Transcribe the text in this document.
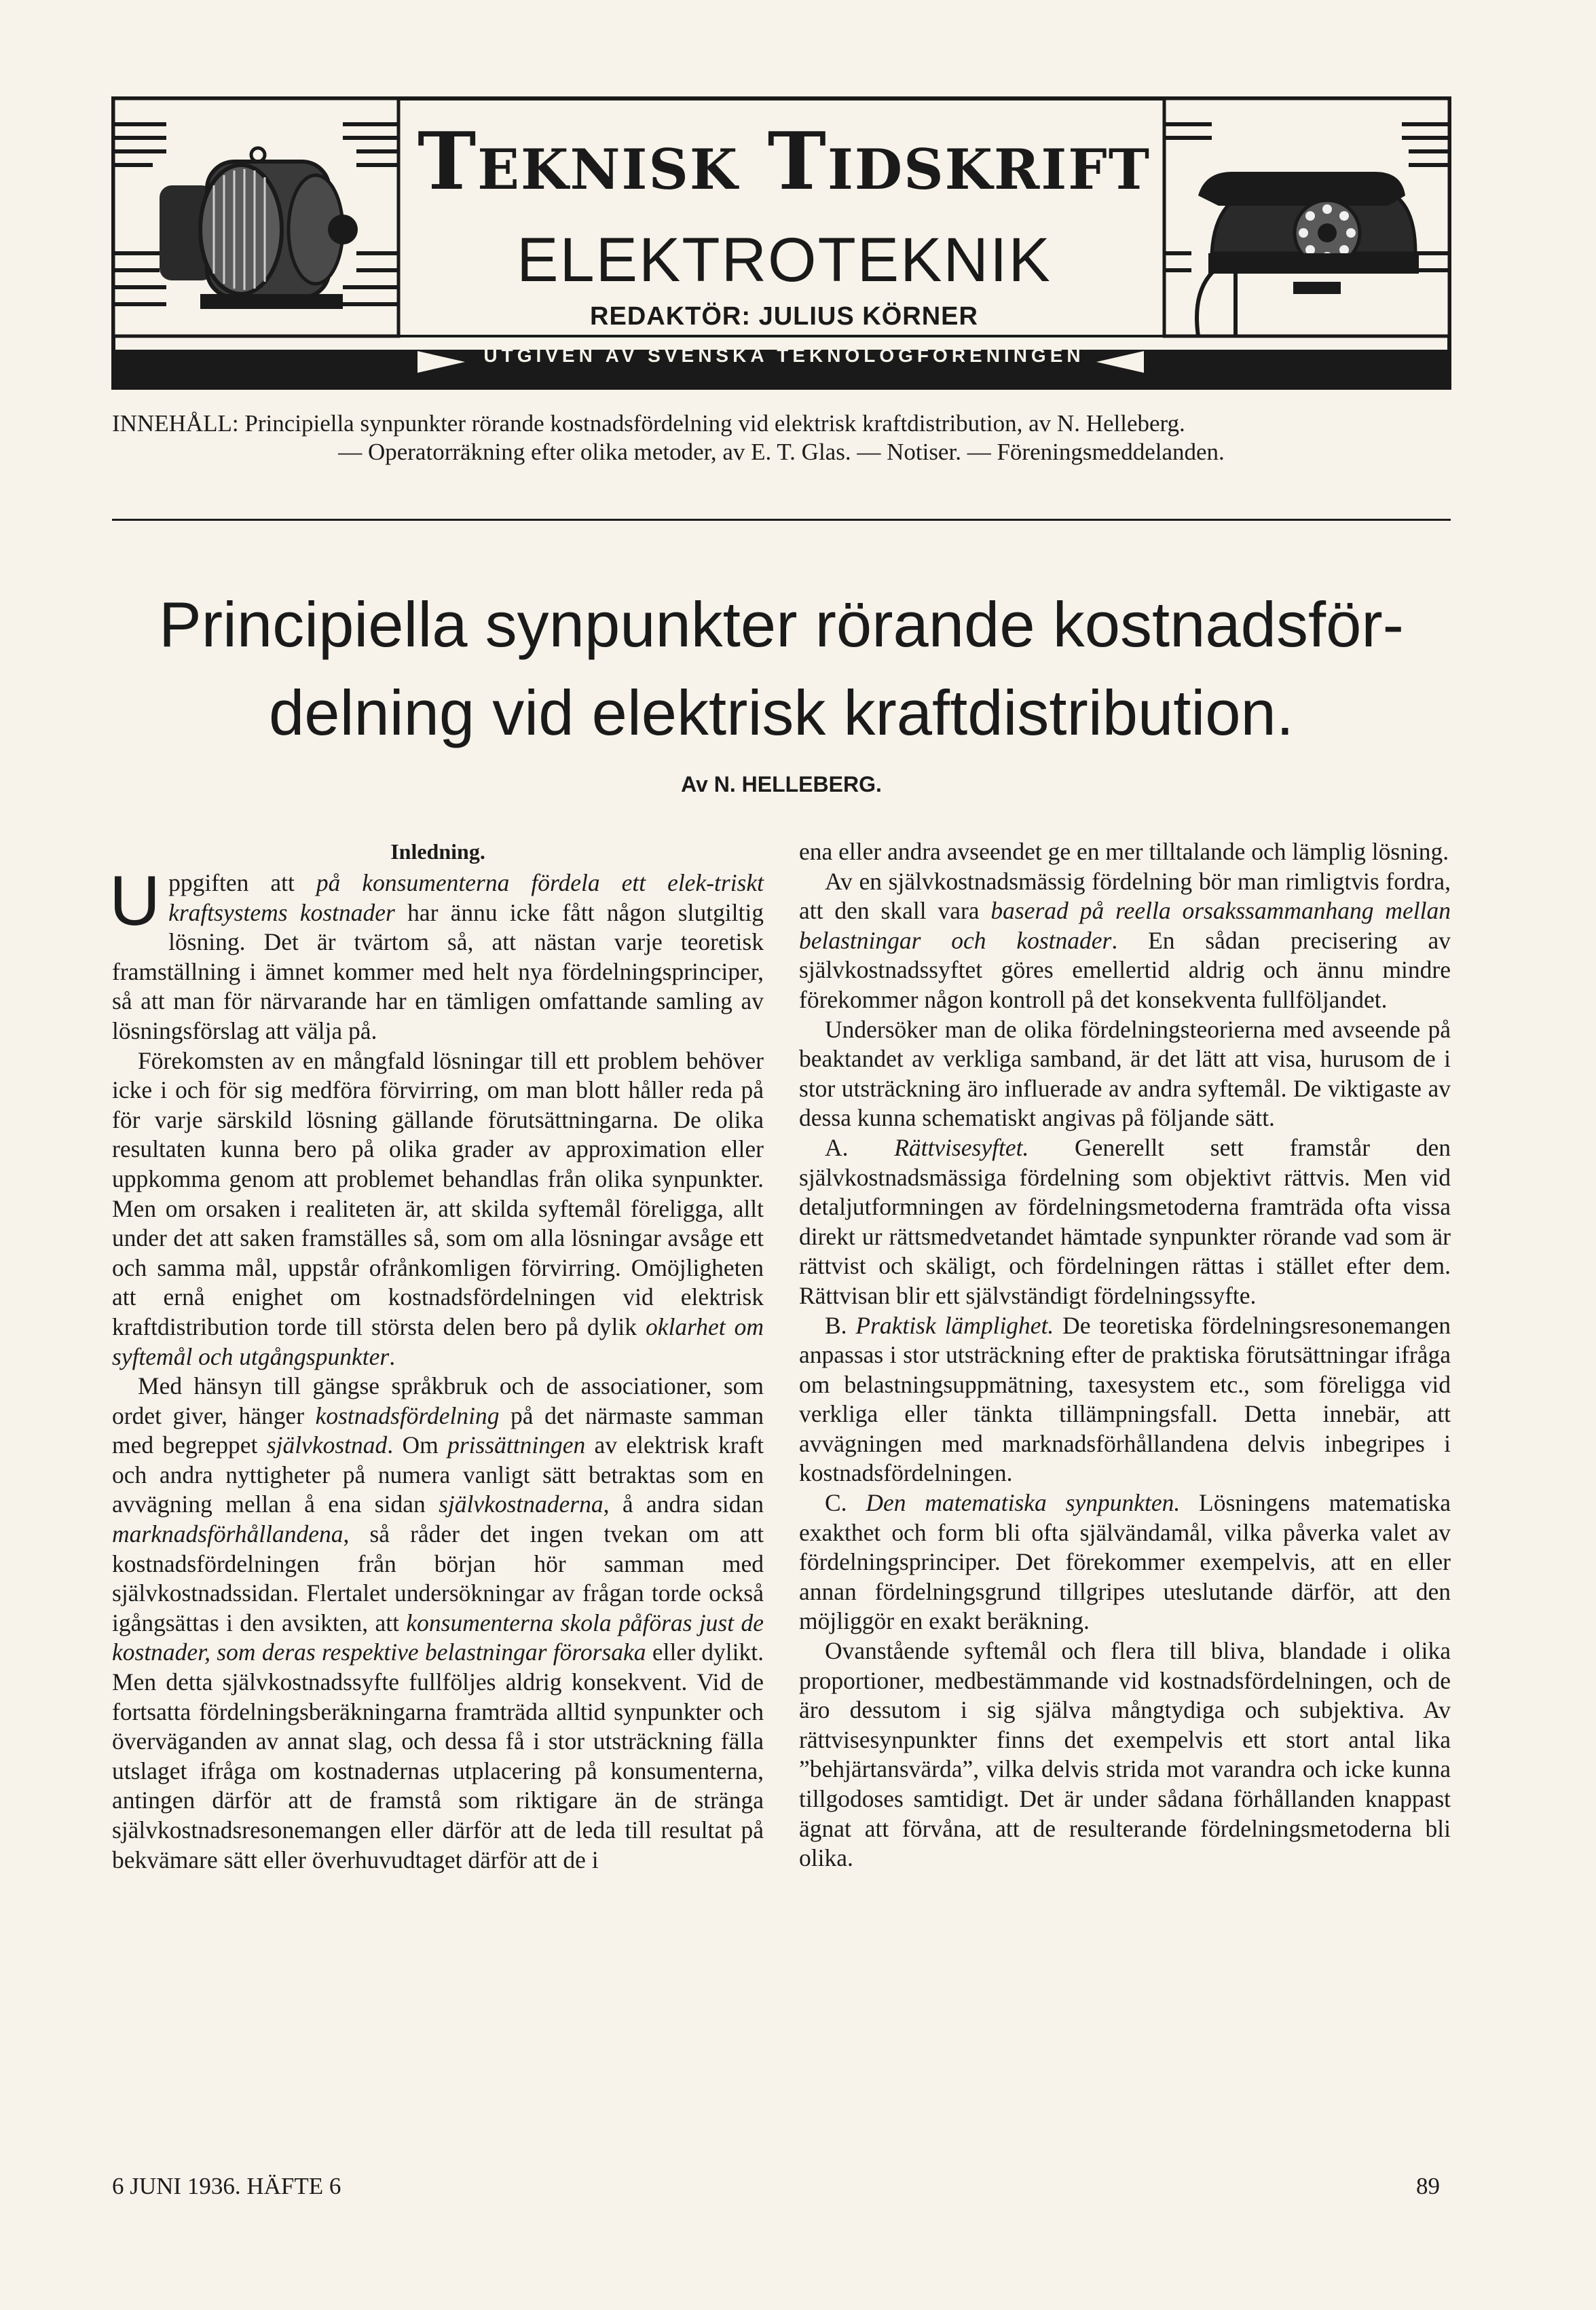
Teknisk Tidskrift
ELEKTROTEKNIK
REDAKTÖR: JULIUS KÖRNER
UTGIVEN AV SVENSKA TEKNOLOGFÖRENINGEN

INNEHÅLL: Principiella synpunkter rörande kostnadsfördelning vid elektrisk kraftdistribution, av N. Helleberg.

— Operatorräkning efter olika metoder, av E. T. Glas. — Notiser. — Föreningsmeddelanden.

Principiella synpunkter rörande kostnadsför-
delning vid elektrisk kraftdistribution.
Av N. HELLEBERG.

Inledning.

Uppgiften att på konsumenterna fördela ett elek-triskt kraftsystems kostnader har ännu icke fått någon slutgiltig lösning. Det är tvärtom så, att nästan varje teoretisk framställning i ämnet kommer med helt nya fördelningsprinciper, så att man för närvarande har en tämligen omfattande samling av lösningsförslag att välja på.

Förekomsten av en mångfald lösningar till ett problem behöver icke i och för sig medföra förvirring, om man blott håller reda på för varje särskild lösning gällande förutsättningarna. De olika resultaten kunna bero på olika grader av approximation eller uppkomma genom att problemet behandlas från olika synpunkter. Men om orsaken i realiteten är, att skilda syftemål föreligga, allt under det att saken framställes så, som om alla lösningar avsåge ett och samma mål, uppstår ofrånkomligen förvirring. Omöjligheten att ernå enighet om kostnadsfördelningen vid elektrisk kraftdistribution torde till största delen bero på dylik oklarhet om syftemål och utgångspunkter.

Med hänsyn till gängse språkbruk och de associationer, som ordet giver, hänger kostnadsfördelning på det närmaste samman med begreppet självkostnad. Om prissättningen av elektrisk kraft och andra nyttigheter på numera vanligt sätt betraktas som en avvägning mellan å ena sidan självkostnaderna, å andra sidan marknadsförhållandena, så råder det ingen tvekan om att kostnadsfördelningen från början hör samman med självkostnadssidan. Flertalet undersökningar av frågan torde också igångsättas i den avsikten, att konsumenterna skola påföras just de kostnader, som deras respektive belastningar förorsaka eller dylikt. Men detta självkostnadssyfte fullföljes aldrig konsekvent. Vid de fortsatta fördelningsberäkningarna framträda alltid synpunkter och överväganden av annat slag, och dessa få i stor utsträckning fälla utslaget ifråga om kostnadernas utplacering på konsumenterna, antingen därför att de framstå som riktigare än de stränga självkostnadsresonemangen eller därför att de leda till resultat på bekvämare sätt eller överhuvudtaget därför att de i

ena eller andra avseendet ge en mer tilltalande och lämplig lösning.

Av en självkostnadsmässig fördelning bör man rimligtvis fordra, att den skall vara baserad på reella orsakssammanhang mellan belastningar och kostnader. En sådan precisering av självkostnadssyftet göres emellertid aldrig och ännu mindre förekommer någon kontroll på det konsekventa fullföljandet.

Undersöker man de olika fördelningsteorierna med avseende på beaktandet av verkliga samband, är det lätt att visa, hurusom de i stor utsträckning äro influerade av andra syftemål. De viktigaste av dessa kunna schematiskt angivas på följande sätt.

A. Rättvisesyftet. Generellt sett framstår den självkostnadsmässiga fördelning som objektivt rättvis. Men vid detaljutformningen av fördelningsmetoderna framträda ofta vissa direkt ur rättsmedvetandet hämtade synpunkter rörande vad som är rättvist och skäligt, och fördelningen rättas i stället efter dem. Rättvisan blir ett självständigt fördelningssyfte.

B. Praktisk lämplighet. De teoretiska fördelningsresonemangen anpassas i stor utsträckning efter de praktiska förutsättningar ifråga om belastningsuppmätning, taxesystem etc., som föreligga vid verkliga eller tänkta tillämpningsfall. Detta innebär, att avvägningen med marknadsförhållandena delvis inbegripes i kostnadsfördelningen.

C. Den matematiska synpunkten. Lösningens matematiska exakthet och form bli ofta självändamål, vilka påverka valet av fördelningsprinciper. Det förekommer exempelvis, att en eller annan fördelningsgrund tillgripes uteslutande därför, att den möjliggör en exakt beräkning.

Ovanstående syftemål och flera till bliva, blandade i olika proportioner, medbestämmande vid kostnadsfördelningen, och de äro dessutom i sig själva mångtydiga och subjektiva. Av rättvisesynpunkter finns det exempelvis ett stort antal lika ”behjärtansvärda”, vilka delvis strida mot varandra och icke kunna tillgodoses samtidigt. Det är under sådana förhållanden knappast ägnat att förvåna, att de resulterande fördelningsmetoderna bli olika.

6 JUNI 1936. HÄFTE 6	89
